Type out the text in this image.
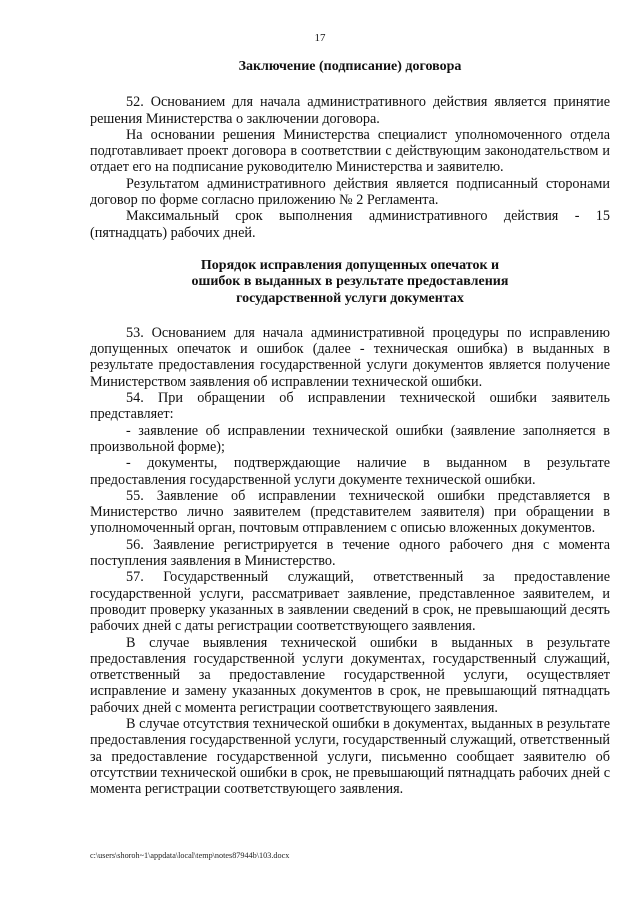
17
Заключение (подписание) договора

52. Основанием для начала административного действия является принятие решения Министерства о заключении договора.

На основании решения Министерства специалист уполномоченного отдела подготавливает проект договора в соответствии с действующим законодательством и отдает его на подписание руководителю Министерства и заявителю.

Результатом административного действия является подписанный сторонами договор по форме согласно приложению № 2 Регламента.

Максимальный срок выполнения административного действия - 15 (пятнадцать) рабочих дней.

Порядок исправления допущенных опечаток и
ошибок в выданных в результате предоставления
государственной услуги документах

53. Основанием для начала административной процедуры по исправлению допущенных опечаток и ошибок (далее - техническая ошибка) в выданных в результате предоставления государственной услуги документов является получение Министерством заявления об исправлении технической ошибки.

54. При обращении об исправлении технической ошибки заявитель представляет:

- заявление об исправлении технической ошибки (заявление заполняется в произвольной форме);

- документы, подтверждающие наличие в выданном в результате предоставления государственной услуги документе технической ошибки.

55. Заявление об исправлении технической ошибки представляется в Министерство лично заявителем (представителем заявителя) при обращении в уполномоченный орган, почтовым отправлением с описью вложенных документов.

56. Заявление регистрируется в течение одного рабочего дня с момента поступления заявления в Министерство.

57. Государственный служащий, ответственный за предоставление государственной услуги, рассматривает заявление, представленное заявителем, и проводит проверку указанных в заявлении сведений в срок, не превышающий десять рабочих дней с даты регистрации соответствующего заявления.

В случае выявления технической ошибки в выданных в результате предоставления государственной услуги документах, государственный служащий, ответственный за предоставление государственной услуги, осуществляет исправление и замену указанных документов в срок, не превышающий пятнадцать рабочих дней с момента регистрации соответствующего заявления.

В случае отсутствия технической ошибки в документах, выданных в результате предоставления государственной услуги, государственный служащий, ответственный за предоставление государственной услуги, письменно сообщает заявителю об отсутствии технической ошибки в срок, не превышающий пятнадцать рабочих дней с момента регистрации соответствующего заявления.

c:\users\shoroh~1\appdata\local\temp\notes87944b\103.docx
